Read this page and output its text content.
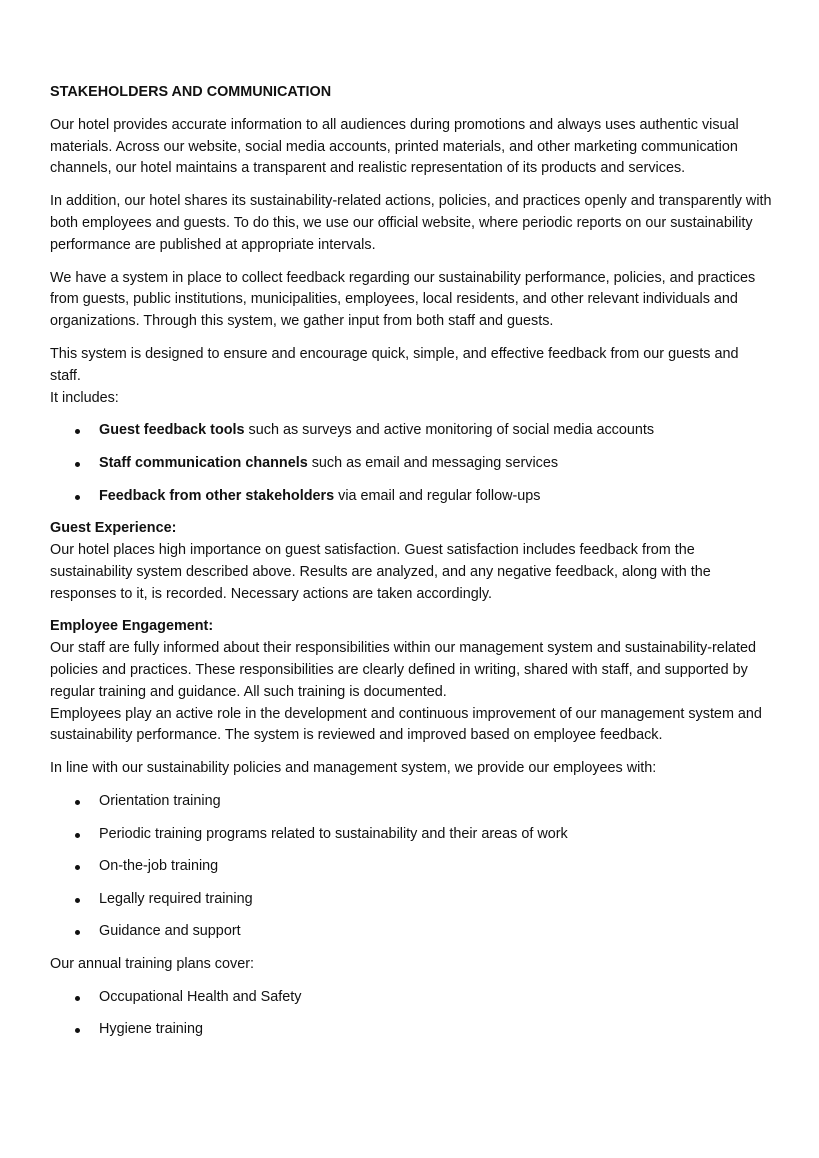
STAKEHOLDERS AND COMMUNICATION

Our hotel provides accurate information to all audiences during promotions and always uses authentic visual materials. Across our website, social media accounts, printed materials, and other marketing communication channels, our hotel maintains a transparent and realistic representation of its products and services.

In addition, our hotel shares its sustainability-related actions, policies, and practices openly and transparently with both employees and guests. To do this, we use our official website, where periodic reports on our sustainability performance are published at appropriate intervals.

We have a system in place to collect feedback regarding our sustainability performance, policies, and practices from guests, public institutions, municipalities, employees, local residents, and other relevant individuals and organizations. Through this system, we gather input from both staff and guests.

This system is designed to ensure and encourage quick, simple, and effective feedback from our guests and staff.
It includes:

Guest feedback tools such as surveys and active monitoring of social media accounts
Staff communication channels such as email and messaging services
Feedback from other stakeholders via email and regular follow-ups

Guest Experience:
Our hotel places high importance on guest satisfaction. Guest satisfaction includes feedback from the sustainability system described above. Results are analyzed, and any negative feedback, along with the responses to it, is recorded. Necessary actions are taken accordingly.

Employee Engagement:
Our staff are fully informed about their responsibilities within our management system and sustainability-related policies and practices. These responsibilities are clearly defined in writing, shared with staff, and supported by regular training and guidance. All such training is documented.
Employees play an active role in the development and continuous improvement of our management system and sustainability performance. The system is reviewed and improved based on employee feedback.

In line with our sustainability policies and management system, we provide our employees with:

Orientation training
Periodic training programs related to sustainability and their areas of work
On-the-job training
Legally required training
Guidance and support

Our annual training plans cover:

Occupational Health and Safety
Hygiene training
